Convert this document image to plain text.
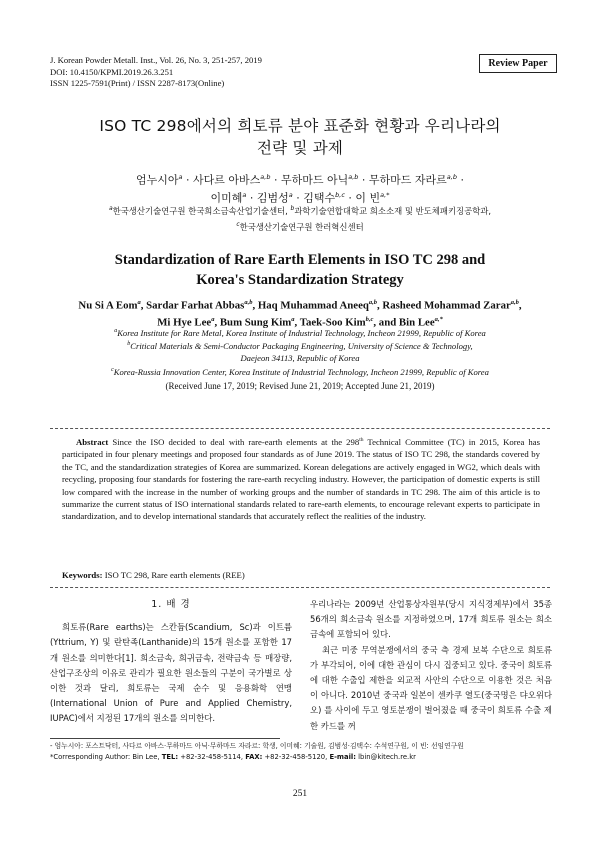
J. Korean Powder Metall. Inst., Vol. 26, No. 3, 251-257, 2019
DOI: 10.4150/KPMI.2019.26.3.251
ISSN 1225-7591(Print) / ISSN 2287-8173(Online)
Review Paper
ISO TC 298에서의 희토류 분야 표준화 현황과 우리나라의
전략 및 과제
엄누시아$^a$ · 사다르 아바스$^{a,b}$ · 무하마드 아닉$^{a,b}$ · 무하마드 자라르$^{a,b}$ ·
이미혜$^a$ · 김범성$^a$ · 김택수$^{b,c}$ · 이 빈$^{a,*}$
$^a$한국생산기술연구원 한국희소금속산업기술센터, $^b$과학기술연합대학교 희소소재 및 반도체패키징공학과,
$^c$한국생산기술연구원 한러혁신센터
Standardization of Rare Earth Elements in ISO TC 298 and
Korea's Standardization Strategy
Nu Si A Eom$^a$, Sardar Farhat Abbas$^{a,b}$, Haq Muhammad Aneeq$^{a,b}$, Rasheed Mohammad Zarar$^{a,b}$,
Mi Hye Lee$^a$, Bum Sung Kim$^a$, Taek-Soo Kim$^{b,c}$, and Bin Lee$^{a,*}$
$^a$Korea Institute for Rare Metal, Korea Institute of Industrial Technology, Incheon 21999, Republic of Korea
$^b$Critical Materials & Semi-Conductor Packaging Engineering, University of Science & Technology,
Daejeon 34113, Republic of Korea
$^c$Korea-Russia Innovation Center, Korea Institute of Industrial Technology, Incheon 21999, Republic of Korea
(Received June 17, 2019; Revised June 21, 2019; Accepted June 21, 2019)
Abstract Since the ISO decided to deal with rare-earth elements at the 298th Technical Committee (TC) in 2015, Korea has participated in four plenary meetings and proposed four standards as of June 2019. The status of ISO TC 298, the standards covered by the TC, and the standardization strategies of Korea are summarized. Korean delegations are actively engaged in WG2, which deals with recycling, proposing four standards for fostering the rare-earth recycling industry. However, the participation of domestic experts is still low compared with the increase in the number of working groups and the number of standards in TC 298. The aim of this article is to summarize the current status of ISO international standards related to rare-earth elements, to encourage relevant experts to participate in standardization, and to develop international standards that accurately reflect the realities of the industry.
Keywords: ISO TC 298, Rare earth elements (REE)
1. 배 경

희토류(Rare earths)는 스칸듐(Scandium, Sc)과 이트륨(Yttrium, Y) 및 란탄족(Lanthanide)의 15개 원소를 포함한 17개 원소를 의미한다[1]. 희소금속, 희귀금속, 전략금속 등 매장량, 산업구조상의 이유로 관리가 필요한 원소들의 구분이 국가별로 상이한 것과 달리, 희토류는 국제 순수 및 응용화학 연맹(International Union of Pure and Applied Chemistry, IUPAC)에서 지정된 17개의 원소를 의미한다.

우리나라는 2009년 산업통상자원부(당시 지식경제부)에서 35종 56개의 희소금속 원소를 지정하였으며, 17개 희토류 원소는 희소금속에 포함되어 있다.

최근 미중 무역분쟁에서의 중국 측 경제 보복 수단으로 희토류가 부각되어, 이에 대한 관심이 다시 집중되고 있다. 중국이 희토류에 대한 수출입 제한을 외교적 사안의 수단으로 이용한 것은 처음이 아니다. 2010년 중국과 일본이 센카쿠 열도(중국명은 댜오위다오) 를 사이에 두고 영토분쟁이 벌어졌을 때 중국이 희토류 수출 제한 카드를 꺼

- 엄누시아: 포스트닥터, 사다르 아바스·무하마드 아닉·무하마드 자라르: 학생, 이미혜: 기술원, 김범성·김택수: 수석연구원, 이 빈: 선임연구원
*Corresponding Author: Bin Lee, TEL: +82-32-458-5114, FAX: +82-32-458-5120, E-mail: lbin@kitech.re.kr
251
